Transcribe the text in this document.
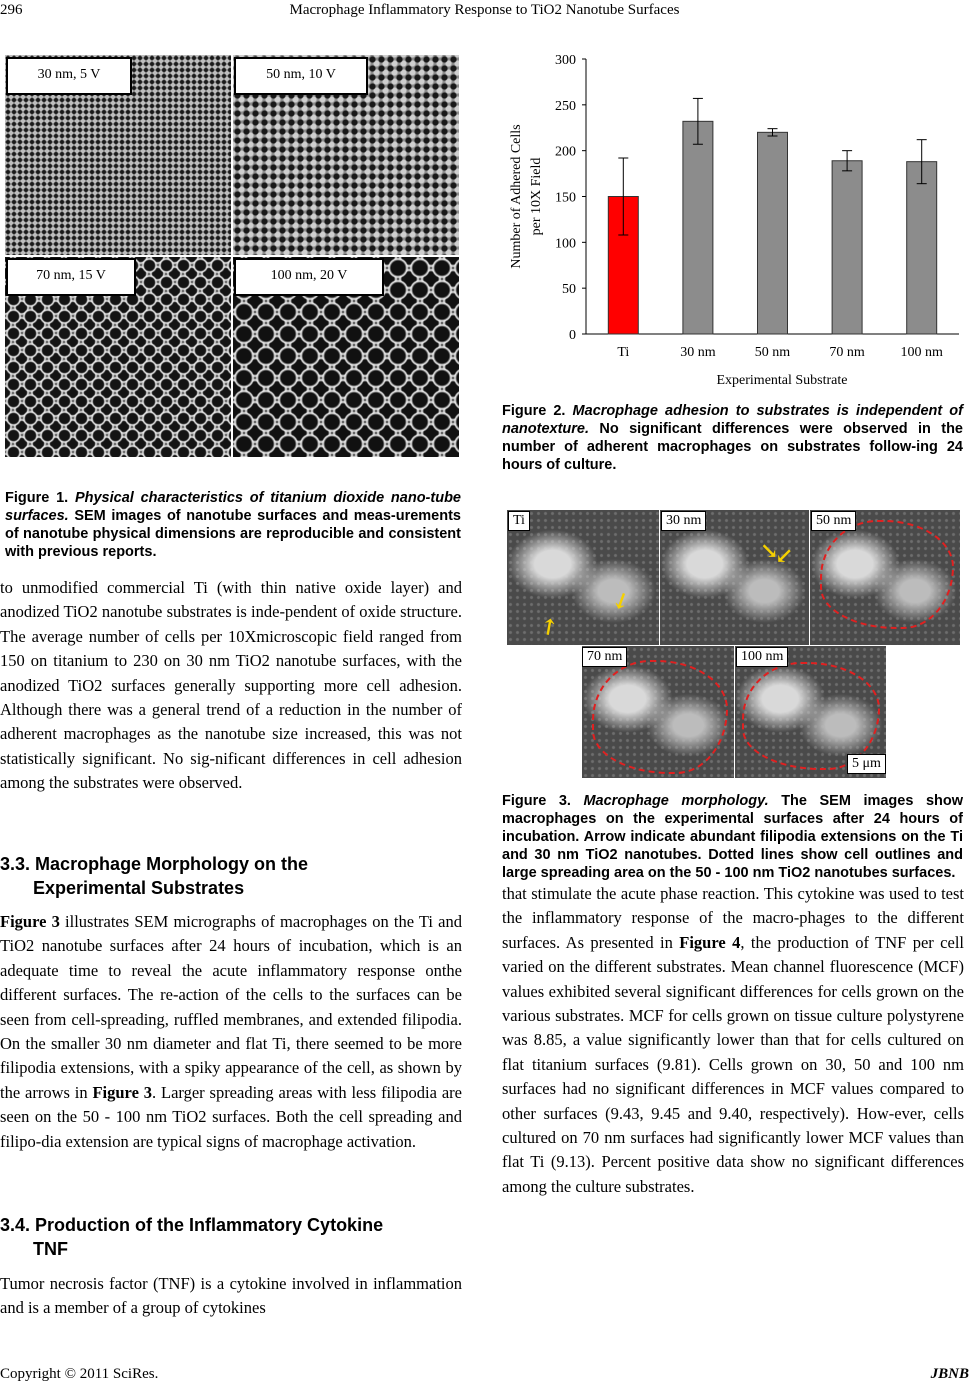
296	Macrophage Inflammatory Response to TiO2 Nanotube Surfaces
30 nm, 5 V	50 nm, 10 V
70 nm, 15 V	100 nm, 20 V
Figure 1. Physical characteristics of titanium dioxide nano-tube surfaces. SEM images of nanotube surfaces and meas-urements of nanotube physical dimensions are reproducible and consistent with previous reports.
0
50
100
150
200
250
300
Ti	30 nm	50 nm	70 nm	100 nm
Number of Adhered Cells per 10X Field
Experimental Substrate
Figure 2. Macrophage adhesion to substrates is independent of nanotexture. No significant differences were observed in the number of adherent macrophages on substrates follow-ing 24 hours of culture.
↗
↙
↘
↙
Ti	30 nm	50 nm
70 nm	100 nm
5 μm
Figure 3. Macrophage morphology. The SEM images show macrophages on the experimental surfaces after 24 hours of incubation. Arrow indicate abundant filipodia extensions on the Ti and 30 nm TiO2 nanotubes. Dotted lines show cell outlines and large spreading area on the 50 - 100 nm TiO2 nanotubes surfaces.
to unmodified commercial Ti (with thin native oxide layer) and anodized TiO2 nanotube substrates is inde-pendent of oxide structure. The average number of cells per 10Xmicroscopic field ranged from 150 on titanium to 230 on 30 nm TiO2 nanotube surfaces, with the anodized TiO2 surfaces generally supporting more cell adhesion. Although there was a general trend of a reduction in the number of adherent macrophages as the nanotube size increased, this was not statistically significant. No sig-nificant differences in cell adhesion among the substrates were observed.
3.3. Macrophage Morphology on the
Experimental Substrates
Figure 3 illustrates SEM micrographs of macrophages on the Ti and TiO2 nanotube surfaces after 24 hours of incubation, which is an adequate time to reveal the acute inflammatory response onthe different surfaces. The re-action of the cells to the surfaces can be seen from cell-spreading, ruffled membranes, and extended filipodia. On the smaller 30 nm diameter and flat Ti, there seemed to be more filipodia extensions, with a spiky appearance of the cell, as shown by the arrows in Figure 3. Larger spreading areas with less filipodia are seen on the 50 - 100 nm TiO2 surfaces. Both the cell spreading and filipo-dia extension are typical signs of macrophage activation.
3.4. Production of the Inflammatory Cytokine
TNF
Tumor necrosis factor (TNF) is a cytokine involved in inflammation and is a member of a group of cytokines
that stimulate the acute phase reaction. This cytokine was used to test the inflammatory response of the macro-phages to the different surfaces. As presented in Figure 4, the production of TNF per cell varied on the different substrates. Mean channel fluorescence (MCF) values exhibited several significant differences for cells grown on the various substrates. MCF for cells grown on tissue culture polystyrene was 8.85, a value significantly lower than that for cells cultured on flat titanium surfaces (9.81). Cells grown on 30, 50 and 100 nm surfaces had no significant differences in MCF values compared to other surfaces (9.43, 9.45 and 9.40, respectively). How-ever, cells cultured on 70 nm surfaces had significantly lower MCF values than flat Ti (9.13). Percent positive data show no significant differences among the culture substrates.
Copyright © 2011 SciRes.	JBNB
